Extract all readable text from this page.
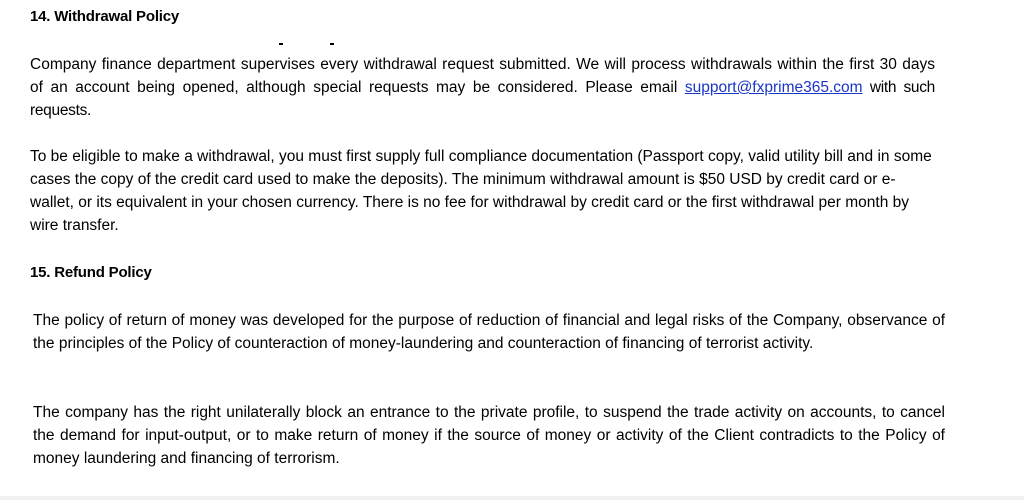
14. Withdrawal Policy

Company finance department supervises every withdrawal request submitted. We will process withdrawals within the first 30 days of an account being opened, although special requests may be considered. Please email support@fxprime365.com with such requests.

To be eligible to make a withdrawal, you must first supply full compliance documentation (Passport copy, valid utility bill and in some cases the copy of the credit card used to make the deposits). The minimum withdrawal amount is $50 USD by credit card or e-wallet, or its equivalent in your chosen currency. There is no fee for withdrawal by credit card or the first withdrawal per month by wire transfer.

15. Refund Policy

The policy of return of money was developed for the purpose of reduction of financial and legal risks of the Company, observance of the principles of the Policy of counteraction of money-laundering and counteraction of financing of terrorist activity.

The company has the right unilaterally block an entrance to the private profile, to suspend the trade activity on accounts, to cancel the demand for input-output, or to make return of money if the source of money or activity of the Client contradicts to the Policy of money laundering and financing of terrorism.
